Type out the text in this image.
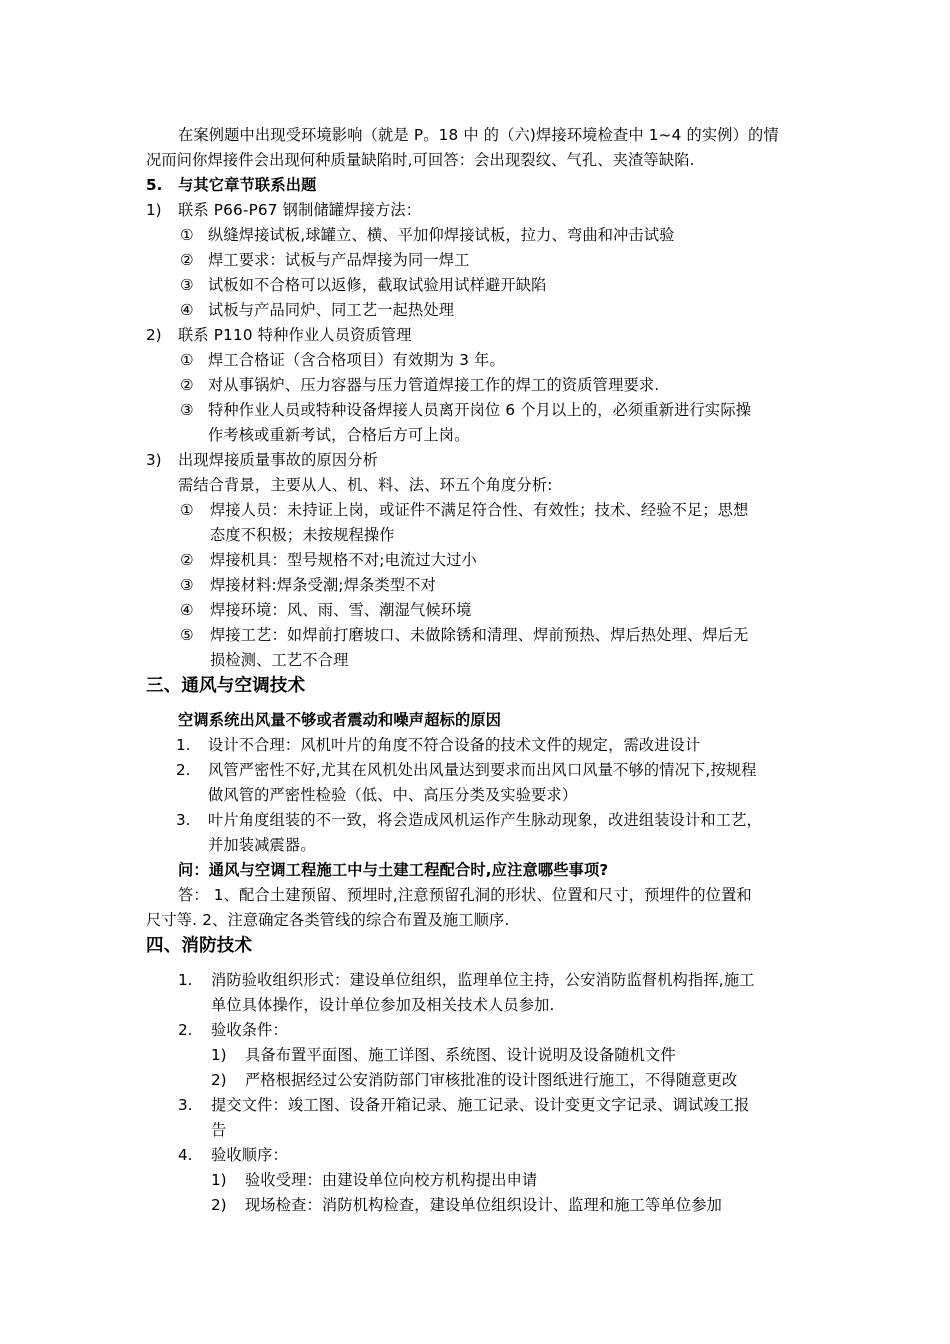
在案例题中出现受环境影响（就是 P。18 中 的（六)焊接环境检查中 1~4 的实例）的情
况而问你焊接件会出现何种质量缺陷时,可回答：会出现裂纹、气孔、夹渣等缺陷.
5. 与其它章节联系出题
1) 联系 P66-P67 钢制储罐焊接方法：
① 纵缝焊接试板,球罐立、横、平加仰焊接试板，拉力、弯曲和冲击试验
② 焊工要求：试板与产品焊接为同一焊工
③ 试板如不合格可以返修，截取试验用试样避开缺陷
④ 试板与产品同炉、同工艺一起热处理
2) 联系 P110 特种作业人员资质管理
① 焊工合格证（含合格项目）有效期为 3 年。
② 对从事锅炉、压力容器与压力管道焊接工作的焊工的资质管理要求.
③ 特种作业人员或特种设备焊接人员离开岗位 6 个月以上的，必须重新进行实际操
作考核或重新考试，合格后方可上岗。
3) 出现焊接质量事故的原因分析
需结合背景，主要从人、机、料、法、环五个角度分析:
① 焊接人员：未持证上岗，或证件不满足符合性、有效性；技术、经验不足；思想
态度不积极；未按规程操作
② 焊接机具：型号规格不对;电流过大过小
③ 焊接材料:焊条受潮;焊条类型不对
④ 焊接环境：风、雨、雪、潮湿气候环境
⑤ 焊接工艺：如焊前打磨坡口、未做除锈和清理、焊前预热、焊后热处理、焊后无
损检测、工艺不合理
三、通风与空调技术
空调系统出风量不够或者震动和噪声超标的原因
1. 设计不合理：风机叶片的角度不符合设备的技术文件的规定，需改进设计
2. 风管严密性不好,尤其在风机处出风量达到要求而出风口风量不够的情况下,按规程
做风管的严密性检验（低、中、高压分类及实验要求）
3. 叶片角度组装的不一致，将会造成风机运作产生脉动现象，改进组装设计和工艺，
并加装减震器。
问：通风与空调工程施工中与土建工程配合时,应注意哪些事项?
答： 1、配合土建预留、预埋时,注意预留孔洞的形状、位置和尺寸，预埋件的位置和
尺寸等. 2、注意确定各类管线的综合布置及施工顺序.
四、消防技术
1. 消防验收组织形式：建设单位组织，监理单位主持，公安消防监督机构指挥,施工
单位具体操作，设计单位参加及相关技术人员参加.
2. 验收条件：
1) 具备布置平面图、施工详图、系统图、设计说明及设备随机文件
2) 严格根据经过公安消防部门审核批准的设计图纸进行施工，不得随意更改
3. 提交文件：竣工图、设备开箱记录、施工记录、设计变更文字记录、调试竣工报
告
4. 验收顺序：
1) 验收受理：由建设单位向校方机构提出申请
2) 现场检查：消防机构检查，建设单位组织设计、监理和施工等单位参加
